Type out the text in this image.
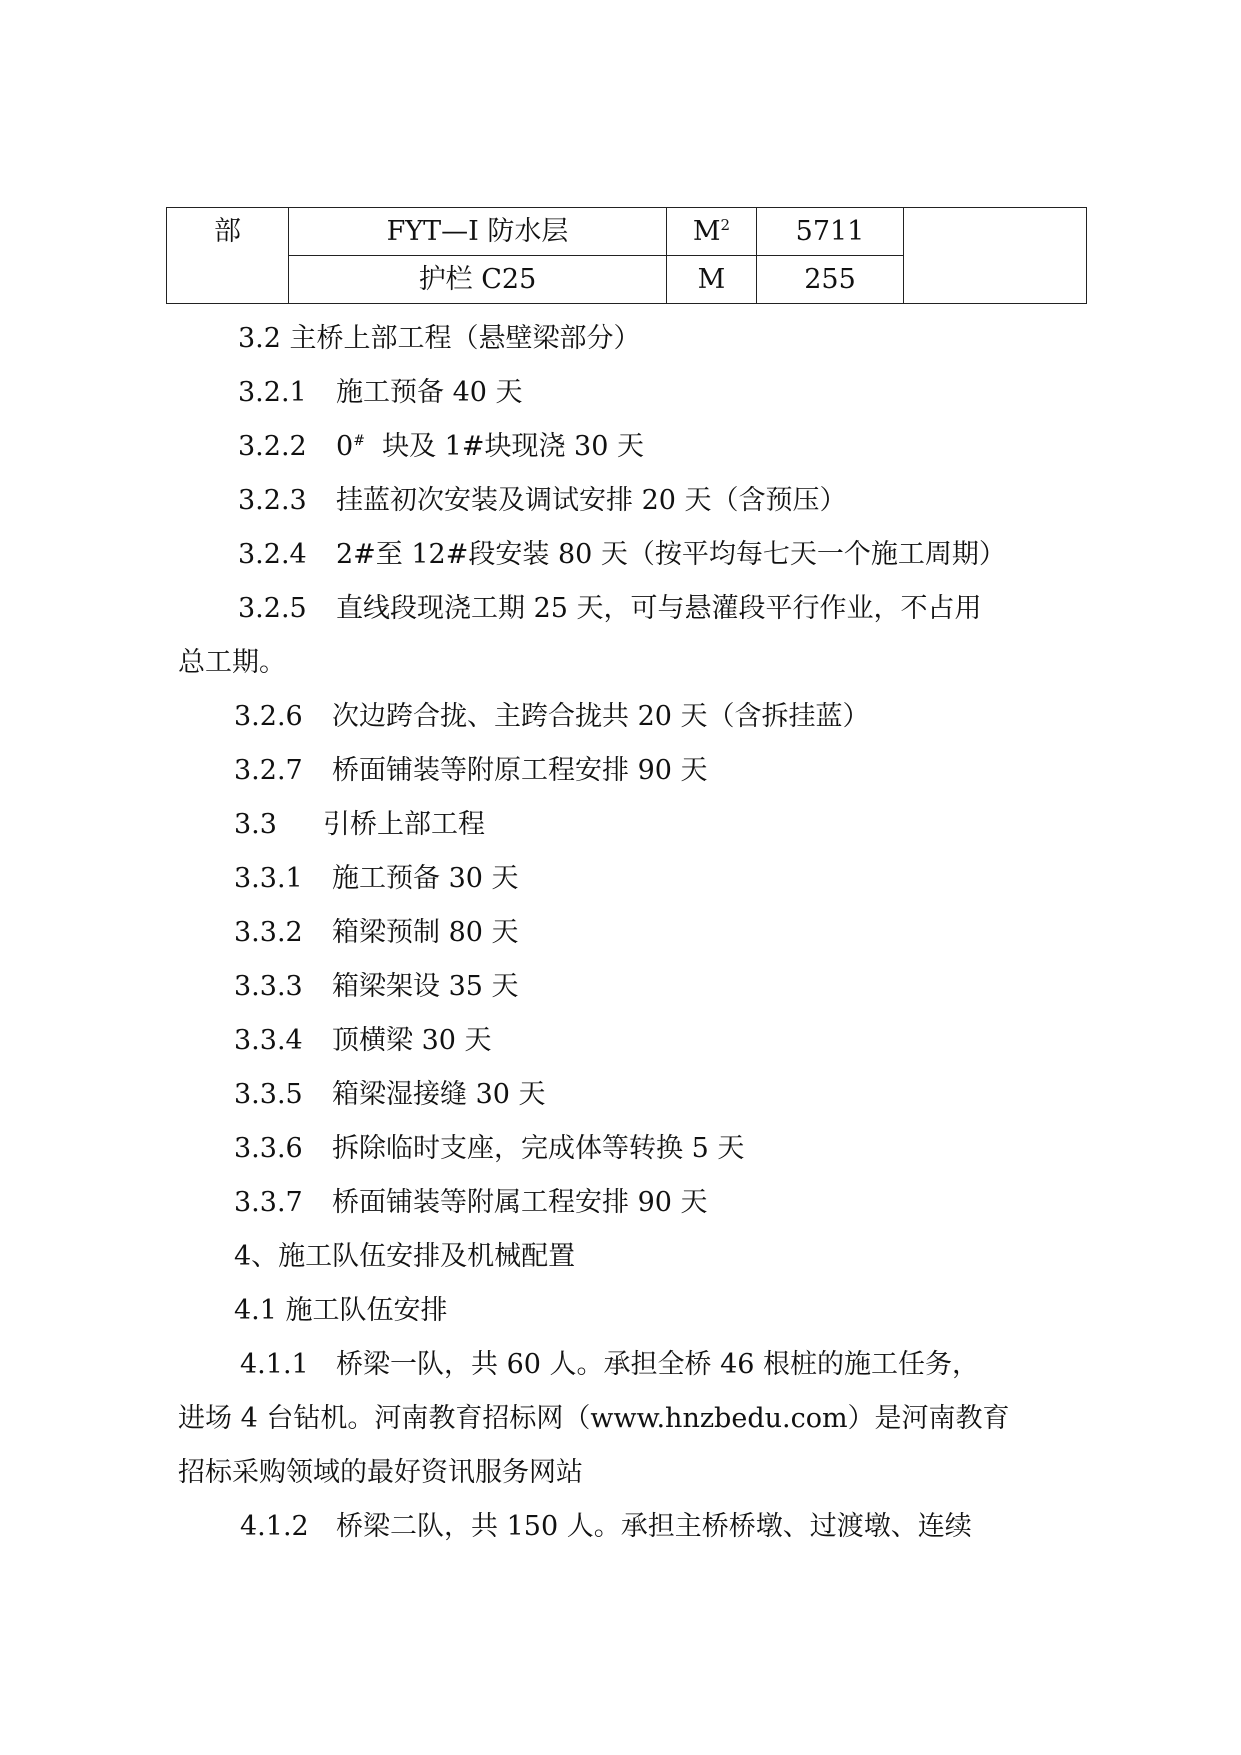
部	FYT—I 防水层	$M^2$	5711	
	护栏 C25	M	255	

3.2 主桥上部工程（悬壁梁部分）

3.2.1

施工预备 40 天

3.2.2

0# 块及 1#块现浇 30 天

3.2.3

挂蓝初次安装及调试安排 20 天（含预压）

3.2.4

2#至 12#段安装 80 天（按平均每七天一个施工周期）

3.2.5

直线段现浇工期 25 天，可与悬灌段平行作业，不占用

总工期。

3.2.6

次边跨合拢、主跨合拢共 20 天（含拆挂蓝）

3.2.7

桥面铺装等附原工程安排 90 天

3.3

引桥上部工程

3.3.1

施工预备 30 天

3.3.2

箱梁预制 80 天

3.3.3

箱梁架设 35 天

3.3.4

顶横梁 30 天

3.3.5

箱梁湿接缝 30 天

3.3.6

拆除临时支座，完成体等转换 5 天

3.3.7

桥面铺装等附属工程安排 90 天

4、施工队伍安排及机械配置

4.1 施工队伍安排

4.1.1

桥梁一队，共 60 人。承担全桥 46 根桩的施工任务，

进场 4 台钻机。河南教育招标网（www.hnzbedu.com）是河南教育

招标采购领域的最好资讯服务网站

4.1.2

桥梁二队，共 150 人。承担主桥桥墩、过渡墩、连续
